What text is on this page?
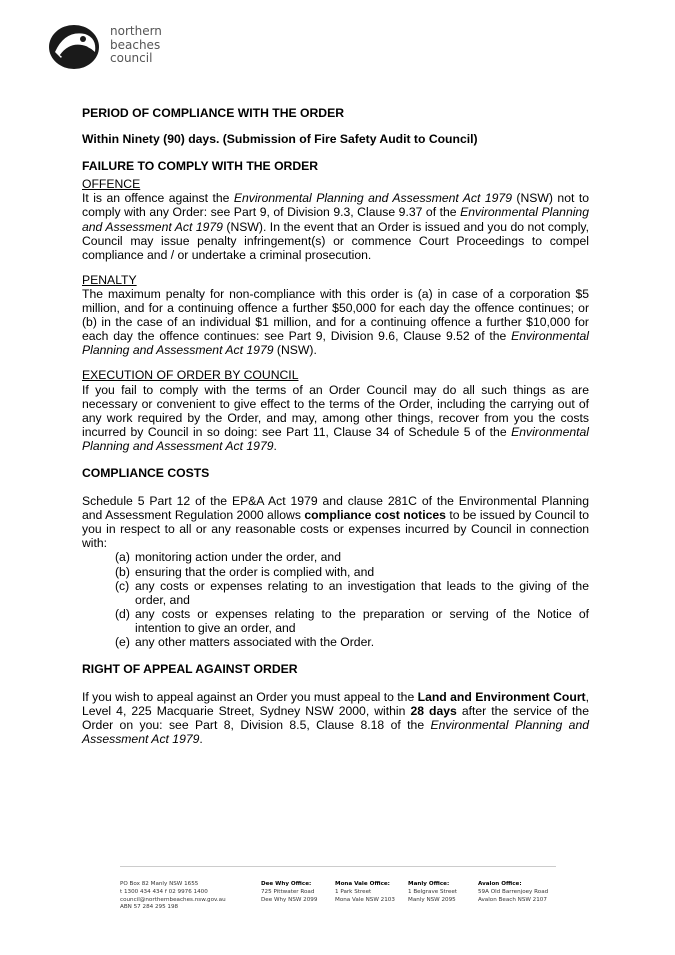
northern
beaches
council

PERIOD OF COMPLIANCE WITH THE ORDER

Within Ninety (90) days. (Submission of Fire Safety Audit to Council)

FAILURE TO COMPLY WITH THE ORDER

OFFENCE

It is an offence against the Environmental Planning and Assessment Act 1979 (NSW) not to comply with any Order: see Part 9, of Division 9.3, Clause 9.37 of the Environmental Planning and Assessment Act 1979 (NSW). In the event that an Order is issued and you do not comply, Council may issue penalty infringement(s) or commence Court Proceedings to compel compliance and / or undertake a criminal prosecution.

PENALTY

The maximum penalty for non-compliance with this order is (a) in case of a corporation $5 million, and for a continuing offence a further $50,000 for each day the offence continues; or (b) in the case of an individual $1 million, and for a continuing offence a further $10,000 for each day the offence continues: see Part 9, Division 9.6, Clause 9.52 of the Environmental Planning and Assessment Act 1979 (NSW).

EXECUTION OF ORDER BY COUNCIL

If you fail to comply with the terms of an Order Council may do all such things as are necessary or convenient to give effect to the terms of the Order, including the carrying out of any work required by the Order, and may, among other things, recover from you the costs incurred by Council in so doing: see Part 11, Clause 34 of Schedule 5 of the Environmental Planning and Assessment Act 1979.

COMPLIANCE COSTS

Schedule 5 Part 12 of the EP&A Act 1979 and clause 281C of the Environmental Planning and Assessment Regulation 2000 allows compliance cost notices to be issued by Council to you in respect to all or any reasonable costs or expenses incurred by Council in connection with:

(a) monitoring action under the order, and
(b) ensuring that the order is complied with, and
(c) any costs or expenses relating to an investigation that leads to the giving of the order, and
(d) any costs or expenses relating to the preparation or serving of the Notice of intention to give an order, and
(e) any other matters associated with the Order.

RIGHT OF APPEAL AGAINST ORDER

If you wish to appeal against an Order you must appeal to the Land and Environment Court, Level 4, 225 Macquarie Street, Sydney NSW 2000, within 28 days after the service of the Order on you: see Part 8, Division 8.5, Clause 8.18 of the Environmental Planning and Assessment Act 1979.

PO Box 82 Manly NSW 1655
t 1300 434 434 f 02 9976 1400
council@northernbeaches.nsw.gov.au
ABN 57 284 295 198
Dee Why Office:
725 Pittwater Road
Dee Why NSW 2099
Mona Vale Office:
1 Park Street
Mona Vale NSW 2103
Manly Office:
1 Belgrave Street
Manly NSW 2095
Avalon Office:
59A Old Barrenjoey Road
Avalon Beach NSW 2107
